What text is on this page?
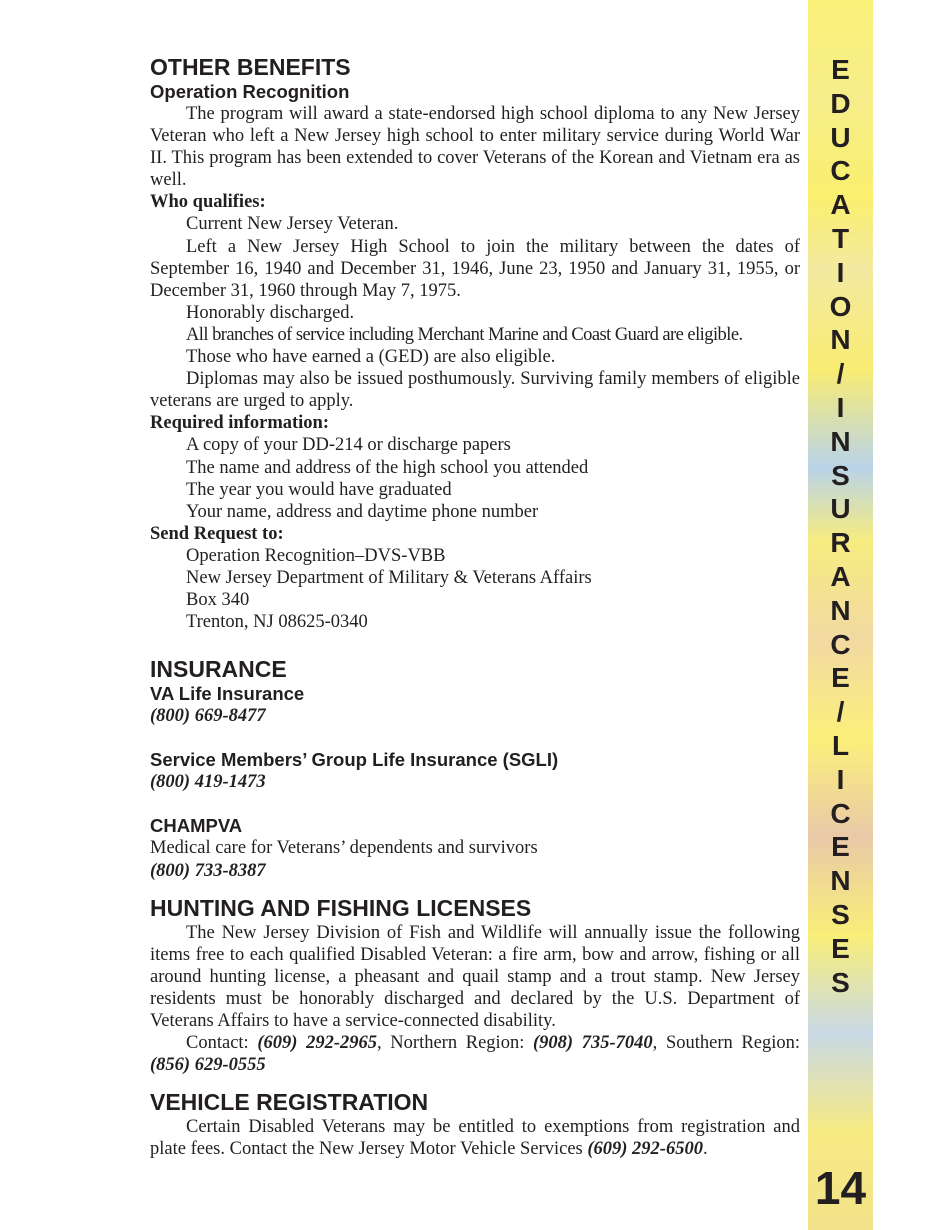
OTHER BENEFITS
Operation Recognition

The program will award a state-endorsed high school diploma to any New Jersey Veteran who left a New Jersey high school to enter military service during World War II. This program has been extended to cover Veterans of the Korean and Vietnam era as well.

Who qualifies:

Current New Jersey Veteran.

Left a New Jersey High School to join the military between the dates of September 16, 1940 and December 31, 1946, June 23, 1950 and January 31, 1955, or December 31, 1960 through May 7, 1975.

Honorably discharged.

All branches of service including Merchant Marine and Coast Guard are eligible.

Those who have earned a (GED) are also eligible.

Diplomas may also be issued posthumously. Surviving family members of eligible veterans are urged to apply.

Required information:

A copy of your DD-214 or discharge papers

The name and address of the high school you attended

The year you would have graduated

Your name, address and daytime phone number

Send Request to:

Operation Recognition–DVS-VBB

New Jersey Department of Military & Veterans Affairs

Box 340

Trenton, NJ 08625-0340

INSURANCE
VA Life Insurance

(800) 669-8477

Service Members’ Group Life Insurance (SGLI)

(800) 419-1473

CHAMPVA

Medical care for Veterans’ dependents and survivors

(800) 733-8387

HUNTING AND FISHING LICENSES

The New Jersey Division of Fish and Wildlife will annually issue the following items free to each qualified Disabled Veteran: a fire arm, bow and arrow, fishing or all around hunting license, a pheasant and quail stamp and a trout stamp. New Jersey residents must be honorably discharged and declared by the U.S. Department of Veterans Affairs to have a service-connected disability.

Contact: (609) 292-2965, Northern Region: (908) 735-7040, Southern Region: (856) 629-0555

VEHICLE REGISTRATION

Certain Disabled Veterans may be entitled to exemptions from registration and plate fees. Contact the New Jersey Motor Vehicle Services (609) 292-6500.

E
D
U
C
A
T
I
O
N
/
I
N
S
U
R
A
N
C
E
/
L
I
C
E
N
S
E
S
14
